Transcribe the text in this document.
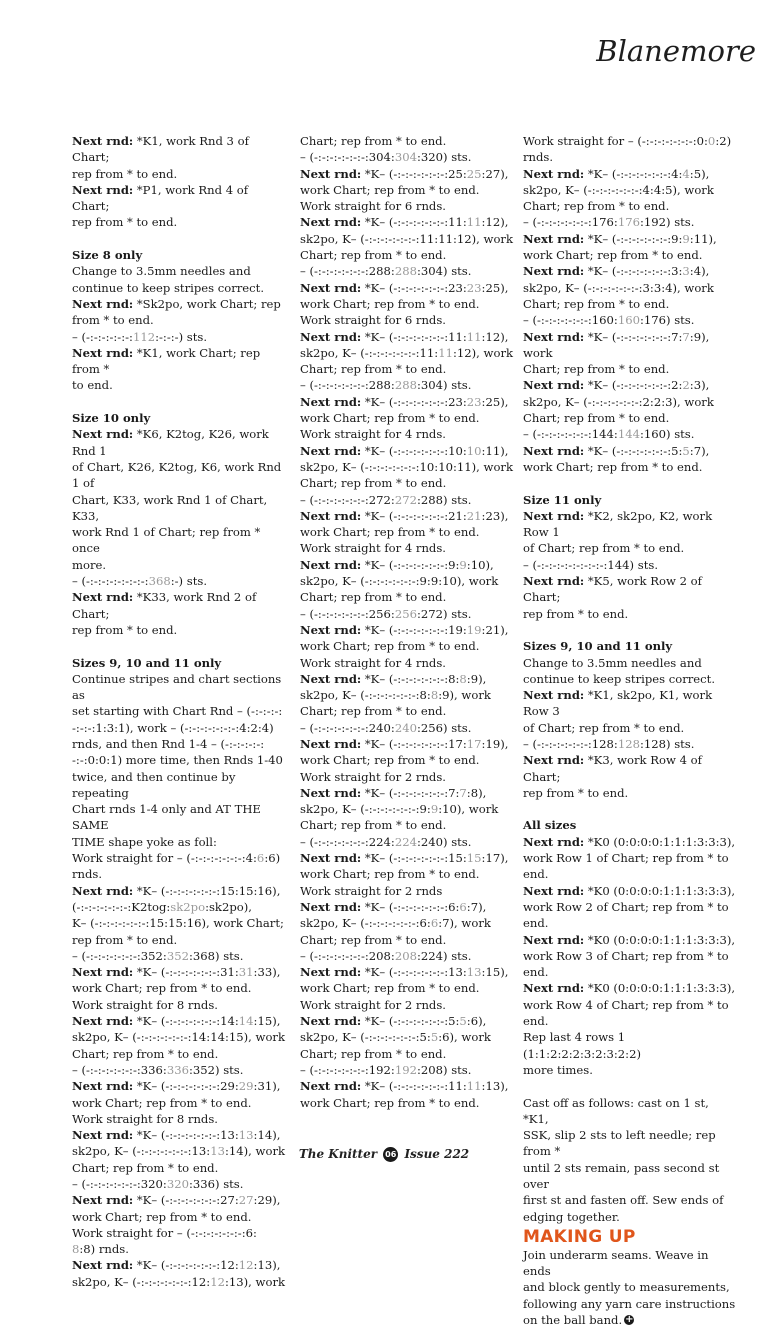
Blanemore

Next rnd: *K1, work Rnd 3 of Chart;

rep from * to end.

Next rnd: *P1, work Rnd 4 of Chart;

rep from * to end.

Size 8 only

Change to 3.5mm needles and

continue to keep stripes correct.

Next rnd: *Sk2po, work Chart; rep

from * to end.

– (-:-:-:-:-:-:112:-:-:-) sts.

Next rnd: *K1, work Chart; rep from *

to end.

Size 10 only

Next rnd: *K6, K2tog, K26, work Rnd 1

of Chart, K26, K2tog, K6, work Rnd 1 of

Chart, K33, work Rnd 1 of Chart, K33,

work Rnd 1 of Chart; rep from * once

more.

– (-:-:-:-:-:-:-:-:368:-) sts.

Next rnd: *K33, work Rnd 2 of Chart;

rep from * to end.

Sizes 9, 10 and 11 only

Continue stripes and chart sections as

set starting with Chart Rnd – (-:-:-:-:

-:-:-:1:3:1), work – (-:-:-:-:-:-:-:4:2:4)

rnds, and then Rnd 1-4 – (-:-:-:-:-:

-:-:0:0:1) more time, then Rnds 1-40

twice, and then continue by repeating

Chart rnds 1-4 only and AT THE SAME

TIME shape yoke as foll:

Work straight for – (-:-:-:-:-:-:-:4:6:6)

rnds.

Next rnd: *K– (-:-:-:-:-:-:-:15:15:16),

(-:-:-:-:-:-:-:K2tog:sk2po:sk2po),

K– (-:-:-:-:-:-:-:15:15:16), work Chart;

rep from * to end.

– (-:-:-:-:-:-:-:352:352:368) sts.

Next rnd: *K– (-:-:-:-:-:-:-:31:31:33),

work Chart; rep from * to end.

Work straight for 8 rnds.

Next rnd: *K– (-:-:-:-:-:-:-:14:14:15),

sk2po, K– (-:-:-:-:-:-:-:14:14:15), work

Chart; rep from * to end.

– (-:-:-:-:-:-:-:336:336:352) sts.

Next rnd: *K– (-:-:-:-:-:-:-:29:29:31),

work Chart; rep from * to end.

Work straight for 8 rnds.

Next rnd: *K– (-:-:-:-:-:-:-:13:13:14),

sk2po, K– (-:-:-:-:-:-:-:13:13:14), work

Chart; rep from * to end.

– (-:-:-:-:-:-:-:320:320:336) sts.

Next rnd: *K– (-:-:-:-:-:-:-:27:27:29),

work Chart; rep from * to end.

Work straight for – (-:-:-:-:-:-:-:6:

8:8) rnds.

Next rnd: *K– (-:-:-:-:-:-:-:12:12:13),

sk2po, K– (-:-:-:-:-:-:-:12:12:13), work

Chart; rep from * to end.

– (-:-:-:-:-:-:-:304:304:320) sts.

Next rnd: *K– (-:-:-:-:-:-:-:25:25:27),

work Chart; rep from * to end.

Work straight for 6 rnds.

Next rnd: *K– (-:-:-:-:-:-:-:11:11:12),

sk2po, K– (-:-:-:-:-:-:-:11:11:12), work

Chart; rep from * to end.

– (-:-:-:-:-:-:-:288:288:304) sts.

Next rnd: *K– (-:-:-:-:-:-:-:23:23:25),

work Chart; rep from * to end.

Work straight for 6 rnds.

Next rnd: *K– (-:-:-:-:-:-:-:11:11:12),

sk2po, K– (-:-:-:-:-:-:-:11:11:12), work

Chart; rep from * to end.

– (-:-:-:-:-:-:-:288:288:304) sts.

Next rnd: *K– (-:-:-:-:-:-:-:23:23:25),

work Chart; rep from * to end.

Work straight for 4 rnds.

Next rnd: *K– (-:-:-:-:-:-:-:10:10:11),

sk2po, K– (-:-:-:-:-:-:-:10:10:11), work

Chart; rep from * to end.

– (-:-:-:-:-:-:-:272:272:288) sts.

Next rnd: *K– (-:-:-:-:-:-:-:21:21:23),

work Chart; rep from * to end.

Work straight for 4 rnds.

Next rnd: *K– (-:-:-:-:-:-:-:9:9:10),

sk2po, K– (-:-:-:-:-:-:-:9:9:10), work

Chart; rep from * to end.

– (-:-:-:-:-:-:-:256:256:272) sts.

Next rnd: *K– (-:-:-:-:-:-:-:19:19:21),

work Chart; rep from * to end.

Work straight for 4 rnds.

Next rnd: *K– (-:-:-:-:-:-:-:8:8:9),

sk2po, K– (-:-:-:-:-:-:-:8:8:9), work

Chart; rep from * to end.

– (-:-:-:-:-:-:-:240:240:256) sts.

Next rnd: *K– (-:-:-:-:-:-:-:17:17:19),

work Chart; rep from * to end.

Work straight for 2 rnds.

Next rnd: *K– (-:-:-:-:-:-:-:7:7:8),

sk2po, K– (-:-:-:-:-:-:-:9:9:10), work

Chart; rep from * to end.

– (-:-:-:-:-:-:-:224:224:240) sts.

Next rnd: *K– (-:-:-:-:-:-:-:15:15:17),

work Chart; rep from * to end.

Work straight for 2 rnds

Next rnd: *K– (-:-:-:-:-:-:-:6:6:7),

sk2po, K– (-:-:-:-:-:-:-:6:6:7), work

Chart; rep from * to end.

– (-:-:-:-:-:-:-:208:208:224) sts.

Next rnd: *K– (-:-:-:-:-:-:-:13:13:15),

work Chart; rep from * to end.

Work straight for 2 rnds.

Next rnd: *K– (-:-:-:-:-:-:-:5:5:6),

sk2po, K– (-:-:-:-:-:-:-:5:5:6), work

Chart; rep from * to end.

– (-:-:-:-:-:-:-:192:192:208) sts.

Next rnd: *K– (-:-:-:-:-:-:-:11:11:13),

work Chart; rep from * to end.

Work straight for – (-:-:-:-:-:-:-:0:0:2)

rnds.

Next rnd: *K– (-:-:-:-:-:-:-:4:4:5),

sk2po, K– (-:-:-:-:-:-:-:4:4:5), work

Chart; rep from * to end.

– (-:-:-:-:-:-:-:176:176:192) sts.

Next rnd: *K– (-:-:-:-:-:-:-:9:9:11),

work Chart; rep from * to end.

Next rnd: *K– (-:-:-:-:-:-:-:3:3:4),

sk2po, K– (-:-:-:-:-:-:-:3:3:4), work

Chart; rep from * to end.

– (-:-:-:-:-:-:-:160:160:176) sts.

Next rnd: *K– (-:-:-:-:-:-:-:7:7:9), work

Chart; rep from * to end.

Next rnd: *K– (-:-:-:-:-:-:-:2:2:3),

sk2po, K– (-:-:-:-:-:-:-:2:2:3), work

Chart; rep from * to end.

– (-:-:-:-:-:-:-:144:144:160) sts.

Next rnd: *K– (-:-:-:-:-:-:-:5:5:7),

work Chart; rep from * to end.

Size 11 only

Next rnd: *K2, sk2po, K2, work Row 1

of Chart; rep from * to end.

– (-:-:-:-:-:-:-:-:-:144) sts.

Next rnd: *K5, work Row 2 of Chart;

rep from * to end.

Sizes 9, 10 and 11 only

Change to 3.5mm needles and

continue to keep stripes correct.

Next rnd: *K1, sk2po, K1, work Row 3

of Chart; rep from * to end.

– (-:-:-:-:-:-:-:128:128:128) sts.

Next rnd: *K3, work Row 4 of Chart;

rep from * to end.

All sizes

Next rnd: *K0 (0:0:0:0:1:1:1:3:3:3),

work Row 1 of Chart; rep from * to end.

Next rnd: *K0 (0:0:0:0:1:1:1:3:3:3),

work Row 2 of Chart; rep from * to end.

Next rnd: *K0 (0:0:0:0:1:1:1:3:3:3),

work Row 3 of Chart; rep from * to end.

Next rnd: *K0 (0:0:0:0:1:1:1:3:3:3),

work Row 4 of Chart; rep from * to end.

Rep last 4 rows 1 (1:1:2:2:2:3:2:3:2:2)

more times.

Cast off as follows: cast on 1 st, *K1,

SSK, slip 2 sts to left needle; rep from *

until 2 sts remain, pass second st over

first st and fasten off. Sew ends of

edging together.

MAKING UP

Join underarm seams. Weave in ends

and block gently to measurements,

following any yarn care instructions

on the ball band.+

The Knitter 06 Issue 222
